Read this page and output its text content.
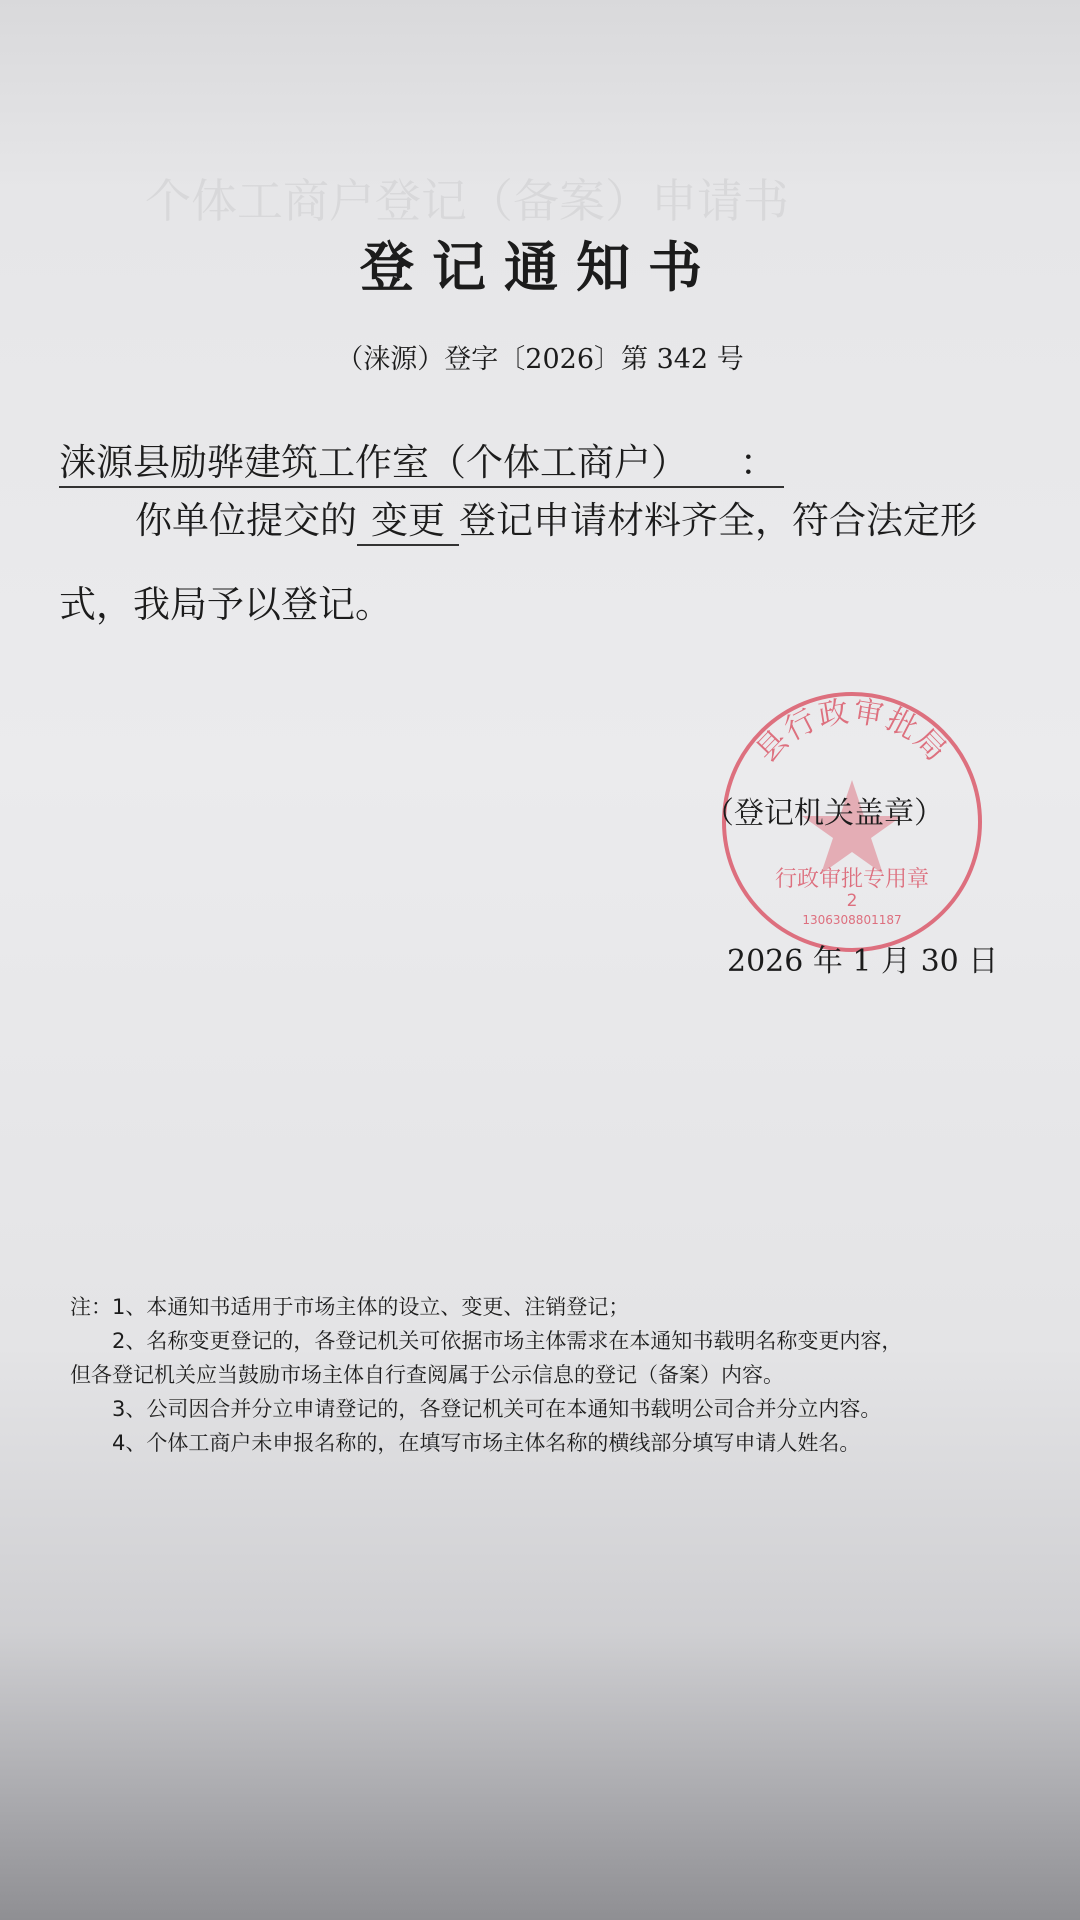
个体工商户登记（备案）申请书
登记通知书
（涞源）登字〔2026〕第 342 号
涞源县励骅建筑工作室（个体工商户） ：
你单位提交的 变更 登记申请材料齐全，符合法定形
式，我局予以登记。
县行政审批局
行政审批专用章
2
1306308801187
（登记机关盖章）
2026 年 1 月 30 日
注：1、本通知书适用于市场主体的设立、变更、注销登记；
2、名称变更登记的，各登记机关可依据市场主体需求在本通知书载明名称变更内容，
但各登记机关应当鼓励市场主体自行查阅属于公示信息的登记（备案）内容。
3、公司因合并分立申请登记的，各登记机关可在本通知书载明公司合并分立内容。
4、个体工商户未申报名称的，在填写市场主体名称的横线部分填写申请人姓名。
